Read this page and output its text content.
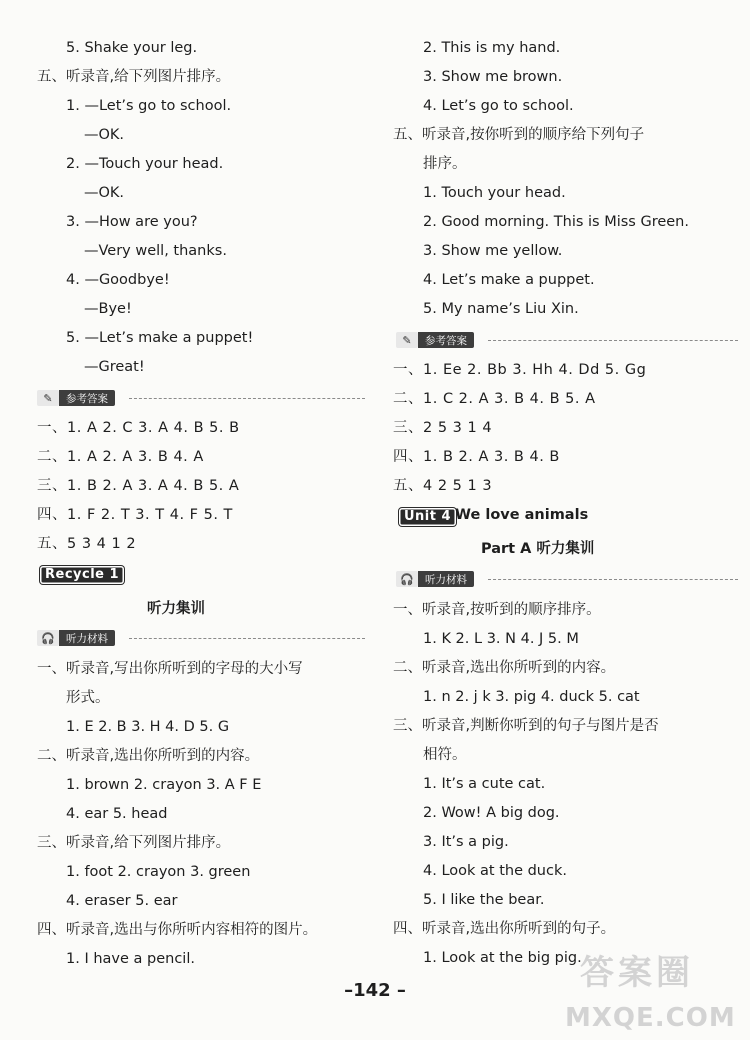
5. Shake your leg.
五、听录音,给下列图片排序。
1. —Let’s go to school.
—OK.
2. —Touch your head.
—OK.
3. —How are you?
—Very well, thanks.
4. —Goodbye!
—Bye!
5. —Let’s make a puppet!
—Great!
✎	参考答案
一、1. A 2. C 3. A 4. B 5. B
二、1. A 2. A 3. B 4. A
三、1. B 2. A 3. A 4. B 5. A
四、1. F 2. T 3. T 4. F 5. T
五、5 3 4 1 2
Recycle 1
听力集训
🎧	听力材料
一、听录音,写出你所听到的字母的大小写
形式。
1. E 2. B 3. H 4. D 5. G
二、听录音,选出你所听到的内容。
1. brown 2. crayon 3. A F E
4. ear 5. head
三、听录音,给下列图片排序。
1. foot 2. crayon 3. green
4. eraser 5. ear
四、听录音,选出与你所听内容相符的图片。
1. I have a pencil.
2. This is my hand.
3. Show me brown.
4. Let’s go to school.
五、听录音,按你听到的顺序给下列句子
排序。
1. Touch your head.
2. Good morning. This is Miss Green.
3. Show me yellow.
4. Let’s make a puppet.
5. My name’s Liu Xin.
✎	参考答案
一、1. Ee 2. Bb 3. Hh 4. Dd 5. Gg
二、1. C 2. A 3. B 4. B 5. A
三、2 5 3 1 4
四、1. B 2. A 3. B 4. B
五、4 2 5 1 3
Unit 4 We love animals
Part A 听力集训
🎧	听力材料
一、听录音,按听到的顺序排序。
1. K 2. L 3. N 4. J 5. M
二、听录音,选出你所听到的内容。
1. n 2. j k 3. pig 4. duck 5. cat
三、听录音,判断你听到的句子与图片是否
相符。
1. It’s a cute cat.
2. Wow! A big dog.
3. It’s a pig.
4. Look at the duck.
5. I like the bear.
四、听录音,选出你所听到的句子。
1. Look at the big pig.
–142 –	答案圈
MXQE.COM
